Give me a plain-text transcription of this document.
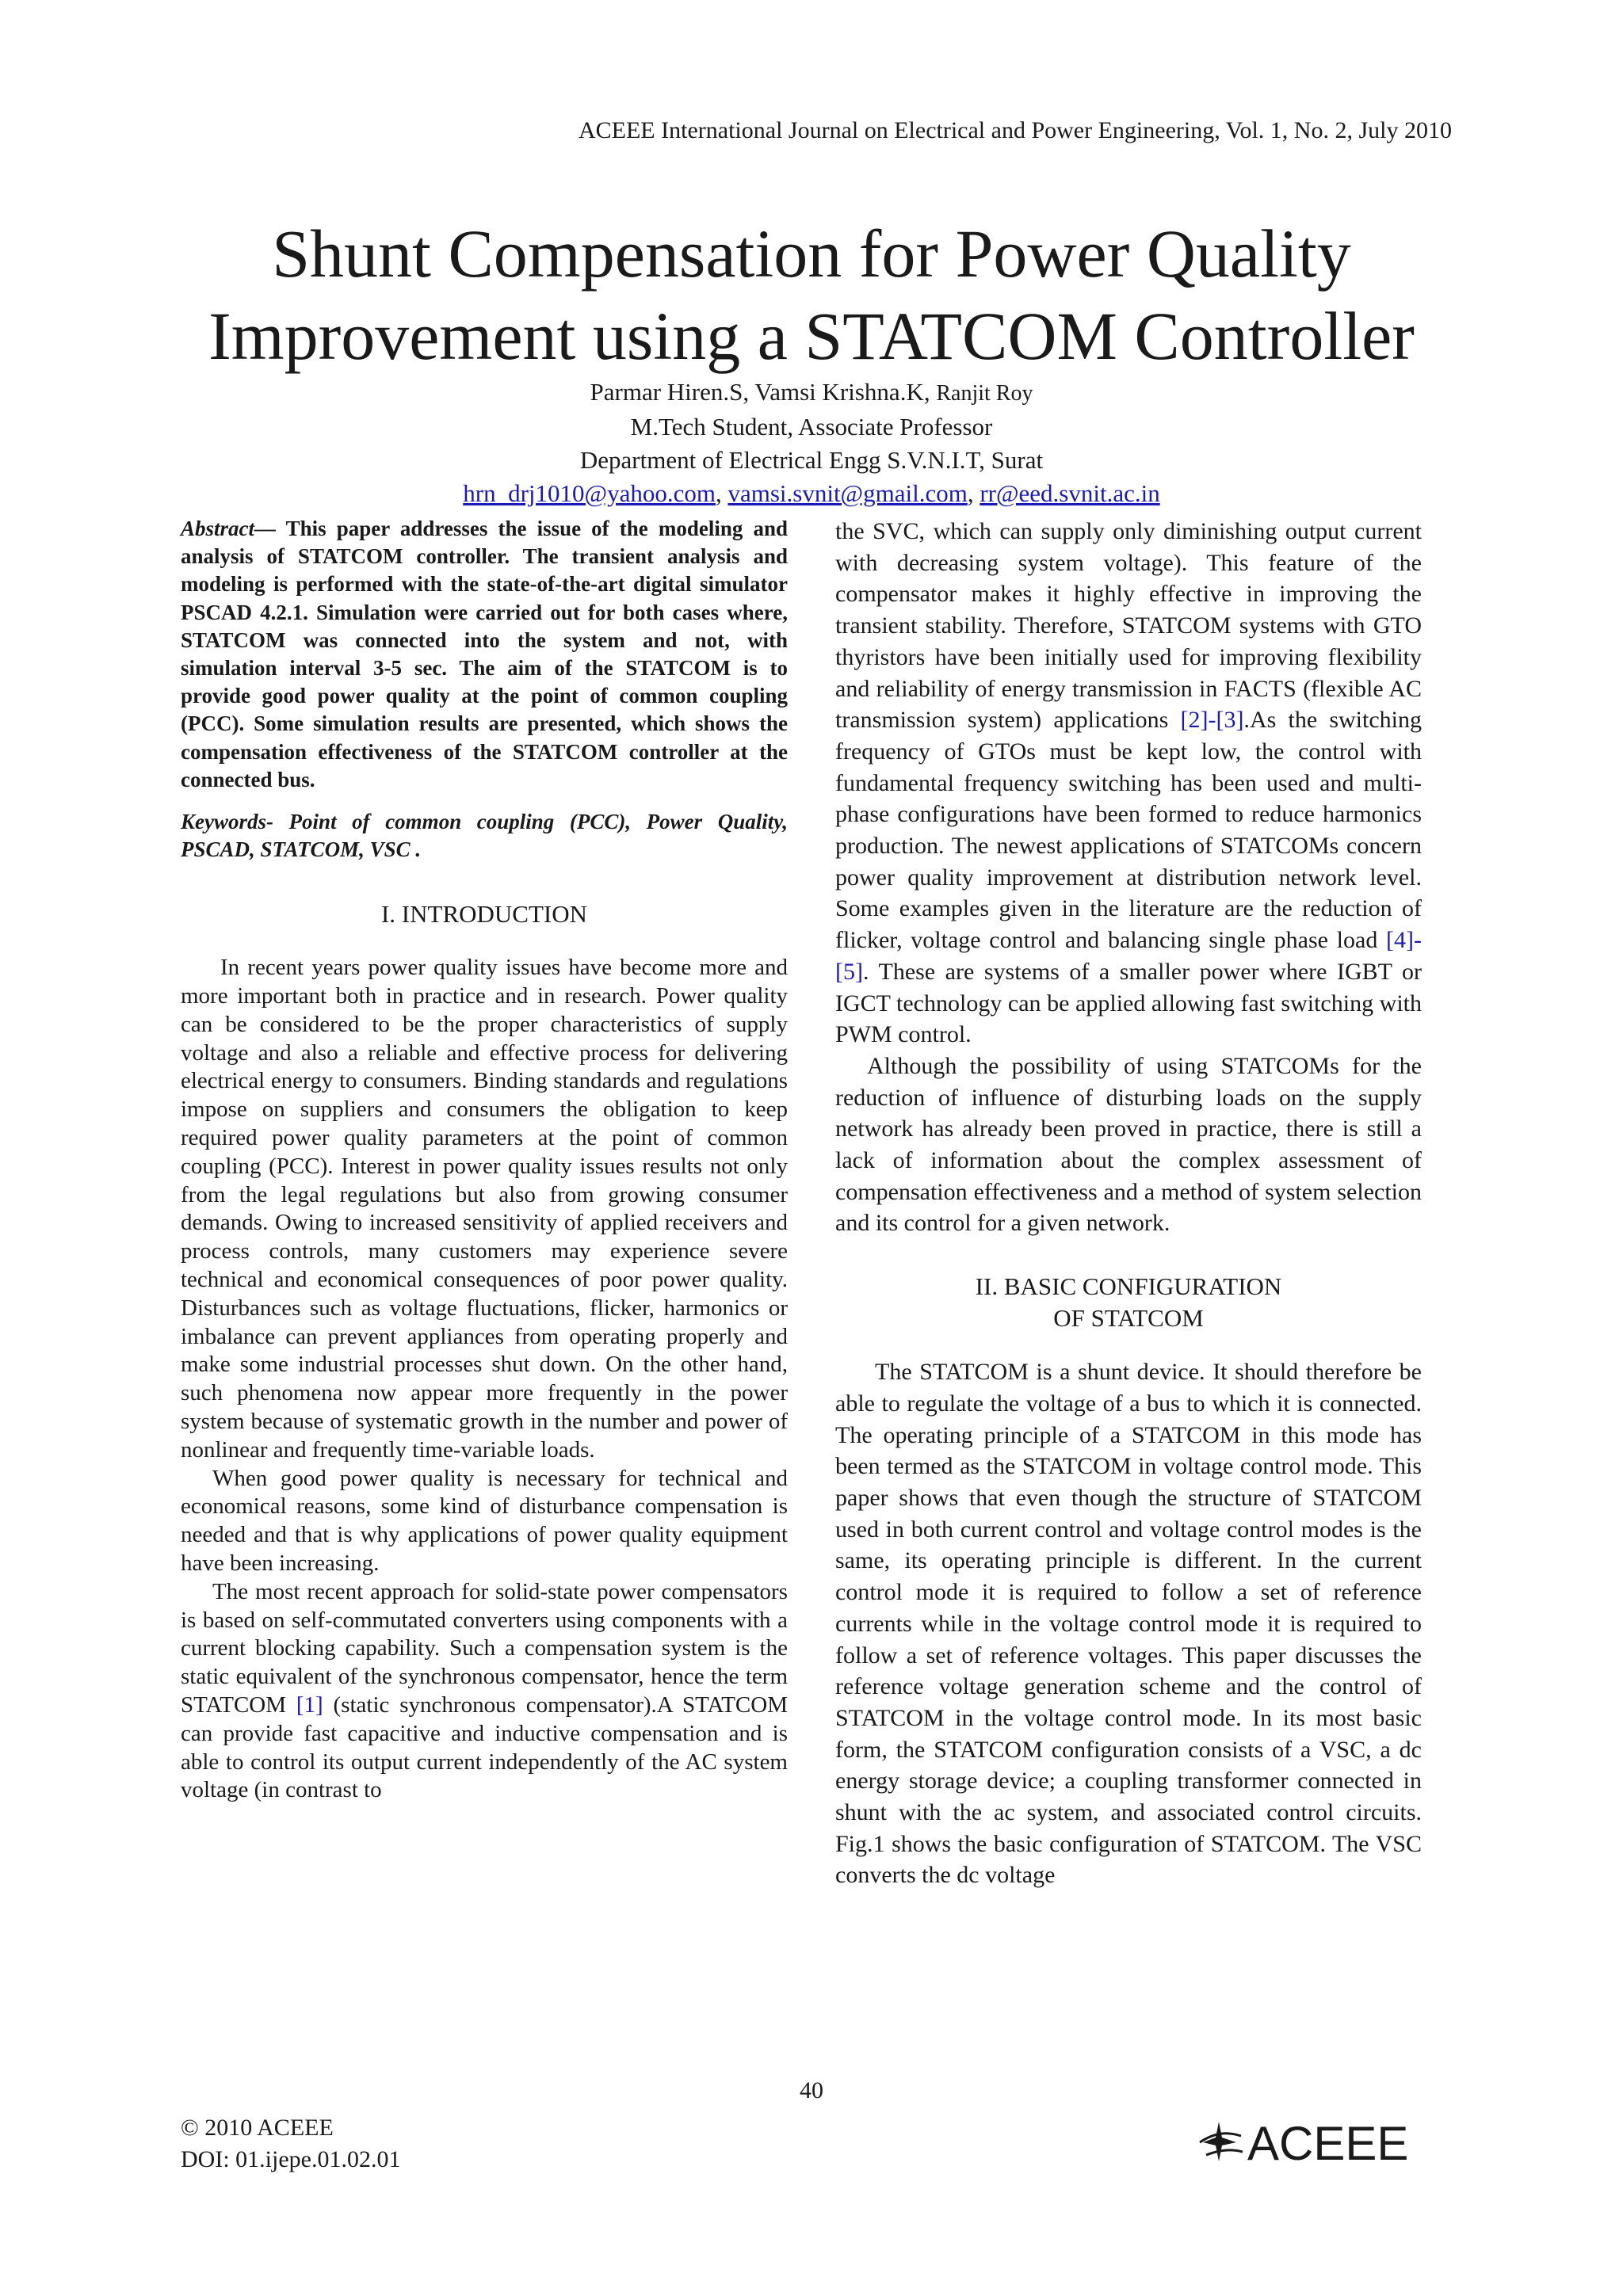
ACEEE International Journal on Electrical and Power Engineering, Vol. 1, No. 2, July 2010
Shunt Compensation for Power Quality
Improvement using a STATCOM Controller
Parmar Hiren.S, Vamsi Krishna.K, Ranjit Roy
M.Tech Student, Associate Professor
Department of Electrical Engg S.V.N.I.T, Surat
hrn_drj1010@yahoo.com, vamsi.svnit@gmail.com, rr@eed.svnit.ac.in

Abstract— This paper addresses the issue of the modeling and analysis of STATCOM controller. The transient analysis and modeling is performed with the state-of-the-art digital simulator PSCAD 4.2.1. Simulation were carried out for both cases where, STATCOM was connected into the system and not, with simulation interval 3-5 sec. The aim of the STATCOM is to provide good power quality at the point of common coupling (PCC). Some simulation results are presented, which shows the compensation effectiveness of the STATCOM controller at the connected bus.

Keywords- Point of common coupling (PCC), Power Quality, PSCAD, STATCOM, VSC .

I. INTRODUCTION

In recent years power quality issues have become more and more important both in practice and in research. Power quality can be considered to be the proper characteristics of supply voltage and also a reliable and effective process for delivering electrical energy to consumers. Binding standards and regulations impose on suppliers and consumers the obligation to keep required power quality parameters at the point of common coupling (PCC). Interest in power quality issues results not only from the legal regulations but also from growing consumer demands. Owing to increased sensitivity of applied receivers and process controls, many customers may experience severe technical and economical consequences of poor power quality. Disturbances such as voltage fluctuations, flicker, harmonics or imbalance can prevent appliances from operating properly and make some industrial processes shut down. On the other hand, such phenomena now appear more frequently in the power system because of systematic growth in the number and power of nonlinear and frequently time-variable loads.

When good power quality is necessary for technical and economical reasons, some kind of disturbance compensation is needed and that is why applications of power quality equipment have been increasing.

The most recent approach for solid-state power compensators is based on self-commutated converters using components with a current blocking capability. Such a compensation system is the static equivalent of the synchronous compensator, hence the term STATCOM [1] (static synchronous compensator).A STATCOM can provide fast capacitive and inductive compensation and is able to control its output current independently of the AC system voltage (in contrast to

the SVC, which can supply only diminishing output current with decreasing system voltage). This feature of the compensator makes it highly effective in improving the transient stability. Therefore, STATCOM systems with GTO thyristors have been initially used for improving flexibility and reliability of energy transmission in FACTS (flexible AC transmission system) applications [2]-[3].As the switching frequency of GTOs must be kept low, the control with fundamental frequency switching has been used and multi-phase configurations have been formed to reduce harmonics production. The newest applications of STATCOMs concern power quality improvement at distribution network level. Some examples given in the literature are the reduction of flicker, voltage control and balancing single phase load [4]-[5]. These are systems of a smaller power where IGBT or IGCT technology can be applied allowing fast switching with PWM control.

Although the possibility of using STATCOMs for the reduction of influence of disturbing loads on the supply network has already been proved in practice, there is still a lack of information about the complex assessment of compensation effectiveness and a method of system selection and its control for a given network.

II. BASIC CONFIGURATION
OF STATCOM

The STATCOM is a shunt device. It should therefore be able to regulate the voltage of a bus to which it is connected. The operating principle of a STATCOM in this mode has been termed as the STATCOM in voltage control mode. This paper shows that even though the structure of STATCOM used in both current control and voltage control modes is the same, its operating principle is different. In the current control mode it is required to follow a set of reference currents while in the voltage control mode it is required to follow a set of reference voltages. This paper discusses the reference voltage generation scheme and the control of STATCOM in the voltage control mode. In its most basic form, the STATCOM configuration consists of a VSC, a dc energy storage device; a coupling transformer connected in shunt with the ac system, and associated control circuits. Fig.1 shows the basic configuration of STATCOM. The VSC converts the dc voltage

40
© 2010 ACEEE
DOI: 01.ijepe.01.02.01	ACEEE
